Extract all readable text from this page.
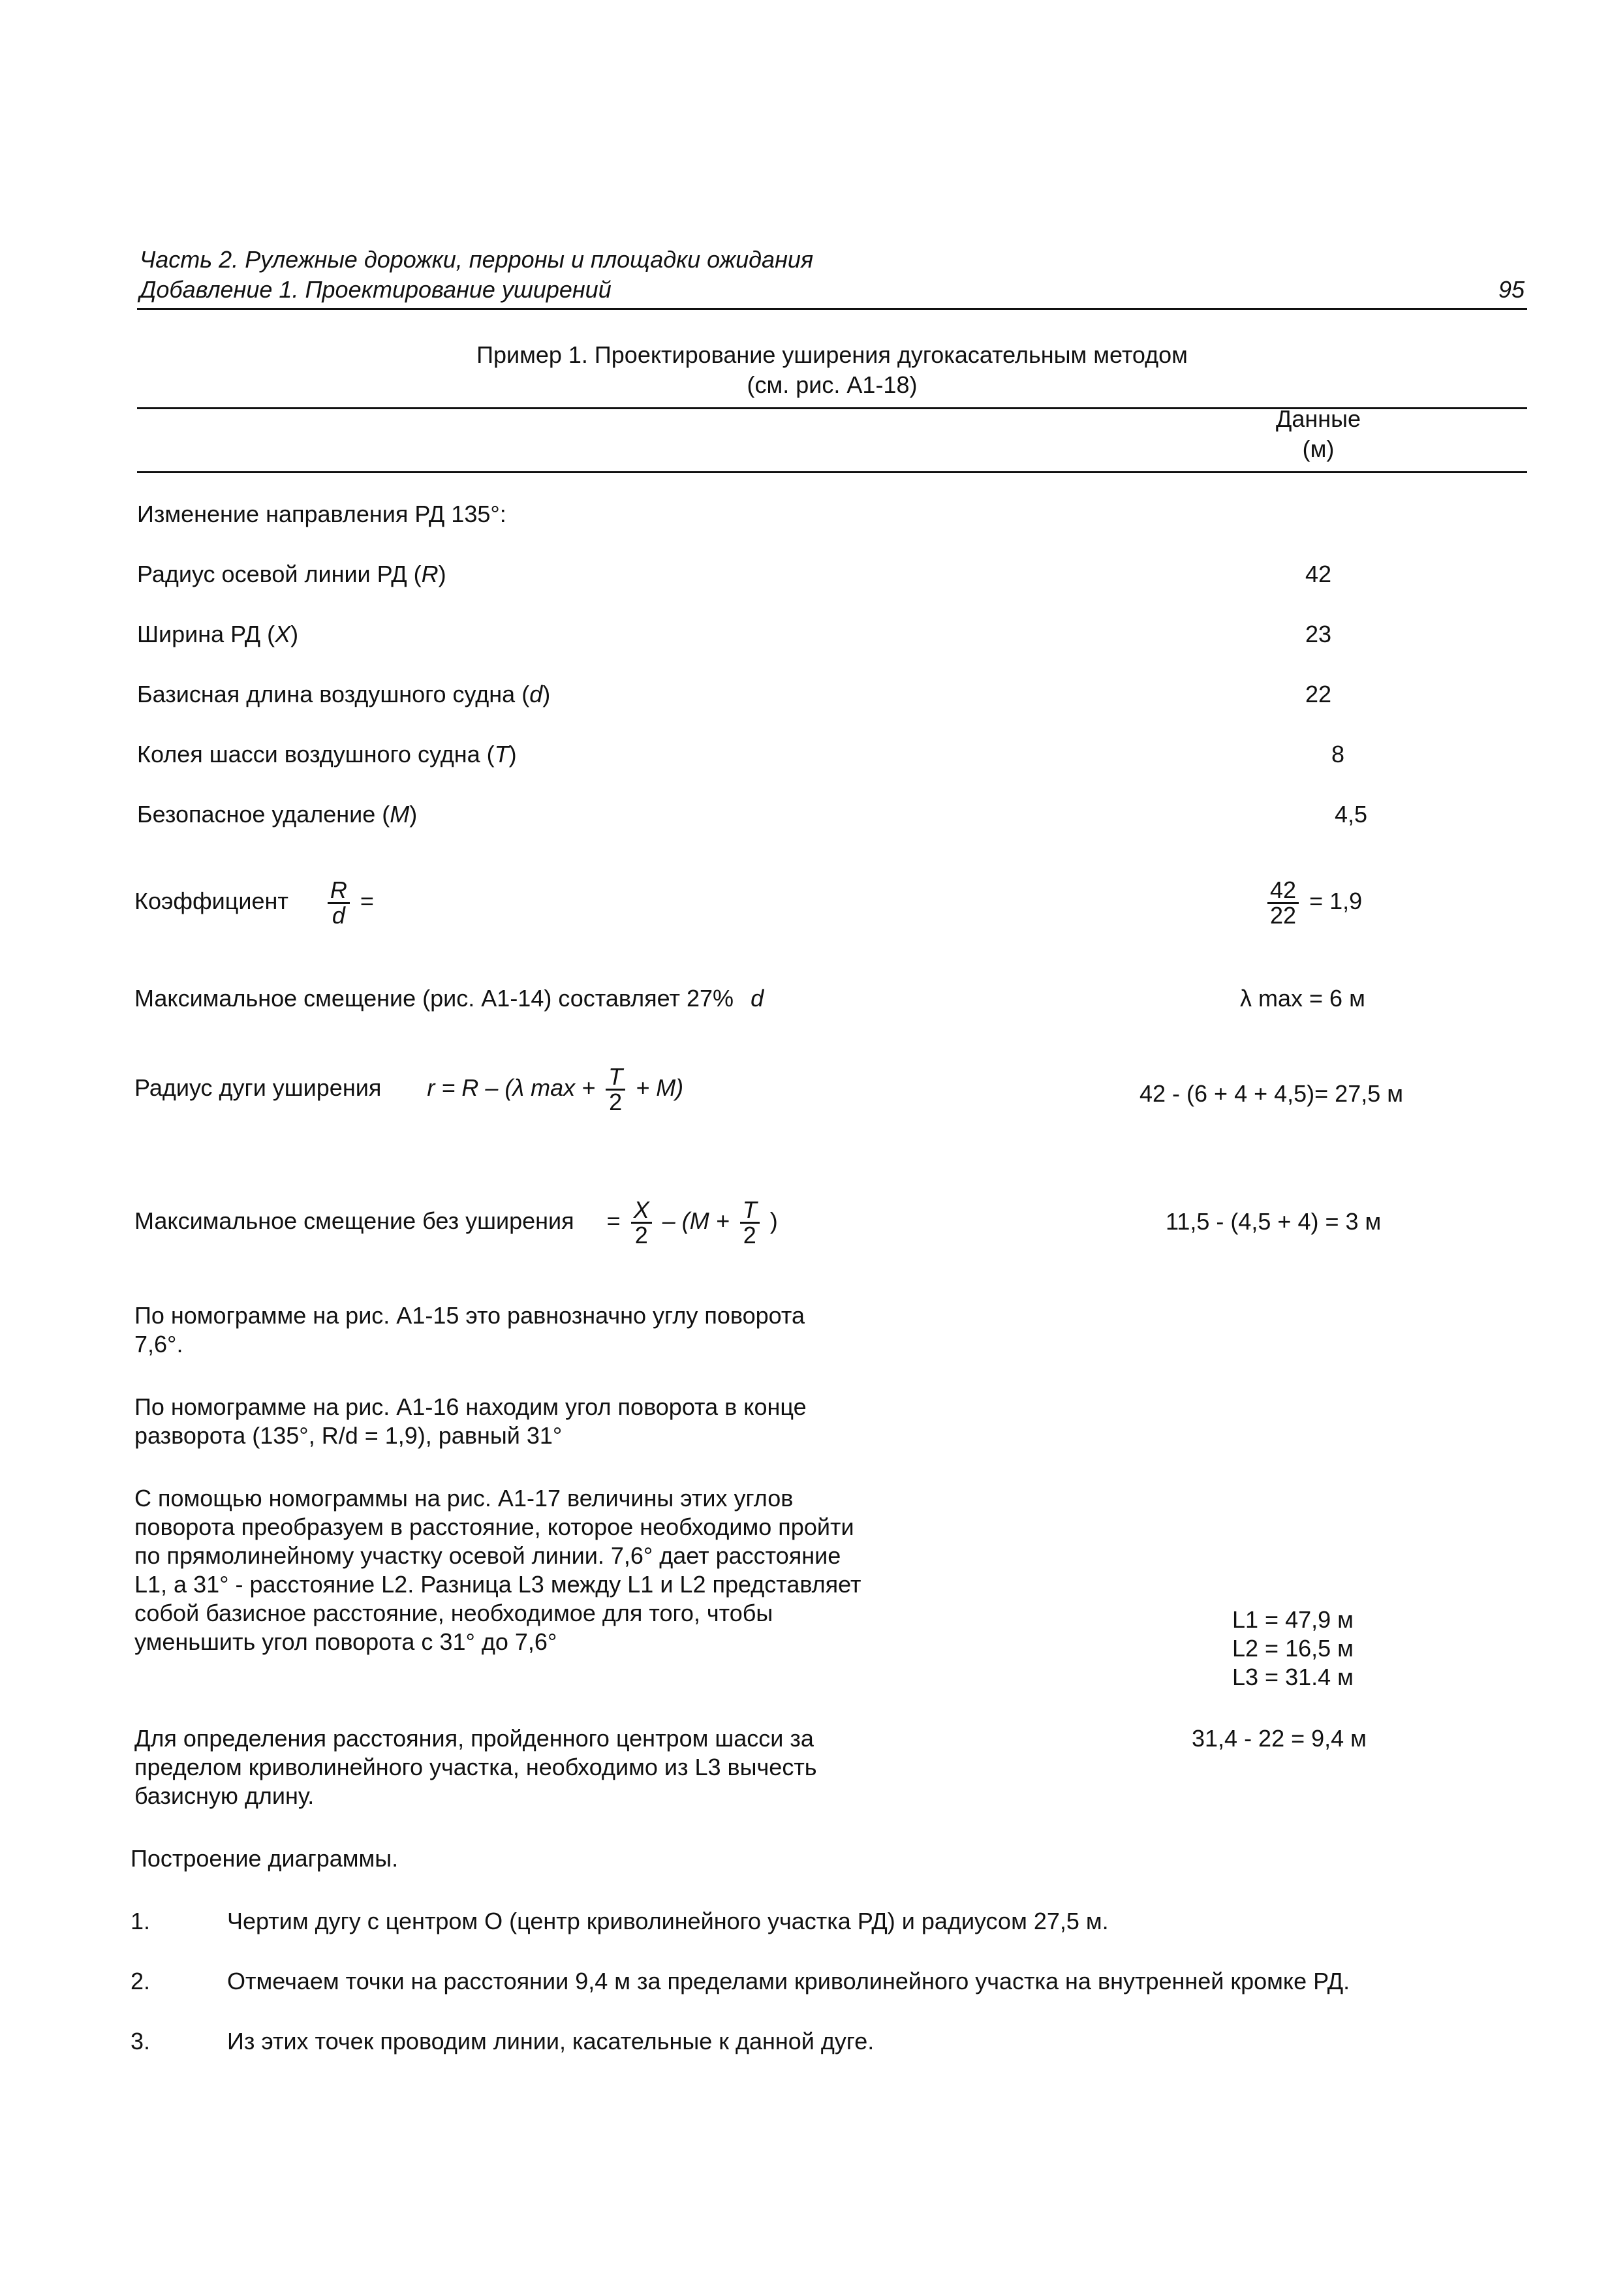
Часть 2. Рулежные дорожки, перроны и площадки ожидания
Добавление 1. Проектирование уширений	95
Пример 1. Проектирование уширения дугокасательным методом
(см. рис. А1-18)
Данные
(м)
Изменение направления РД 135°:
Радиус осевой линии РД (R)	42
Ширина РД (X)	23
Базисная длина воздушного судна (d)	22
Колея шасси воздушного судна (T)	8
Безопасное удаление (M)	4,5
Коэффициент $\frac{R}{d}$ =	$\frac{42}{22} = 1,9$
Максимальное смещение (рис. А1-14) составляет 27% d	λ max = 6 м
Радиус дуги уширения r = R – (λ $\max + \frac{T}{2} + M$)	42 - (6 + 4 + 4,5)= 27,5 м
Максимальное смещение без уширения = $\frac{X}{2} - (M + \frac{T}{2}$ )	11,5 - (4,5 + 4) = 3 м
По номограмме на рис. А1-15 это равнозначно углу поворота 7,6°.
По номограмме на рис. А1-16 находим угол поворота в конце разворота (135°, R/d = 1,9), равный 31°
С помощью номограммы на рис. А1-17 величины этих углов поворота преобразуем в расстояние, которое необходимо пройти по прямолинейному участку осевой линии. 7,6° дает расстояние L1, а 31° - расстояние L2. Разница L3 между L1 и L2 представляет собой базисное расстояние, необходимое для того, чтобы уменьшить угол поворота с 31° до 7,6°
L1 = 47,9 м
L2 = 16,5 м
L3 = 31.4 м
Для определения расстояния, пройденного центром шасси за пределом криволинейного участка, необходимо из L3 вычесть базисную длину.
31,4 - 22 = 9,4 м
Построение диаграммы.
1.	Чертим дугу с центром O (центр криволинейного участка РД) и радиусом 27,5 м.
2.	Отмечаем точки на расстоянии 9,4 м за пределами криволинейного участка на внутренней кромке РД.
3.	Из этих точек проводим линии, касательные к данной дуге.
